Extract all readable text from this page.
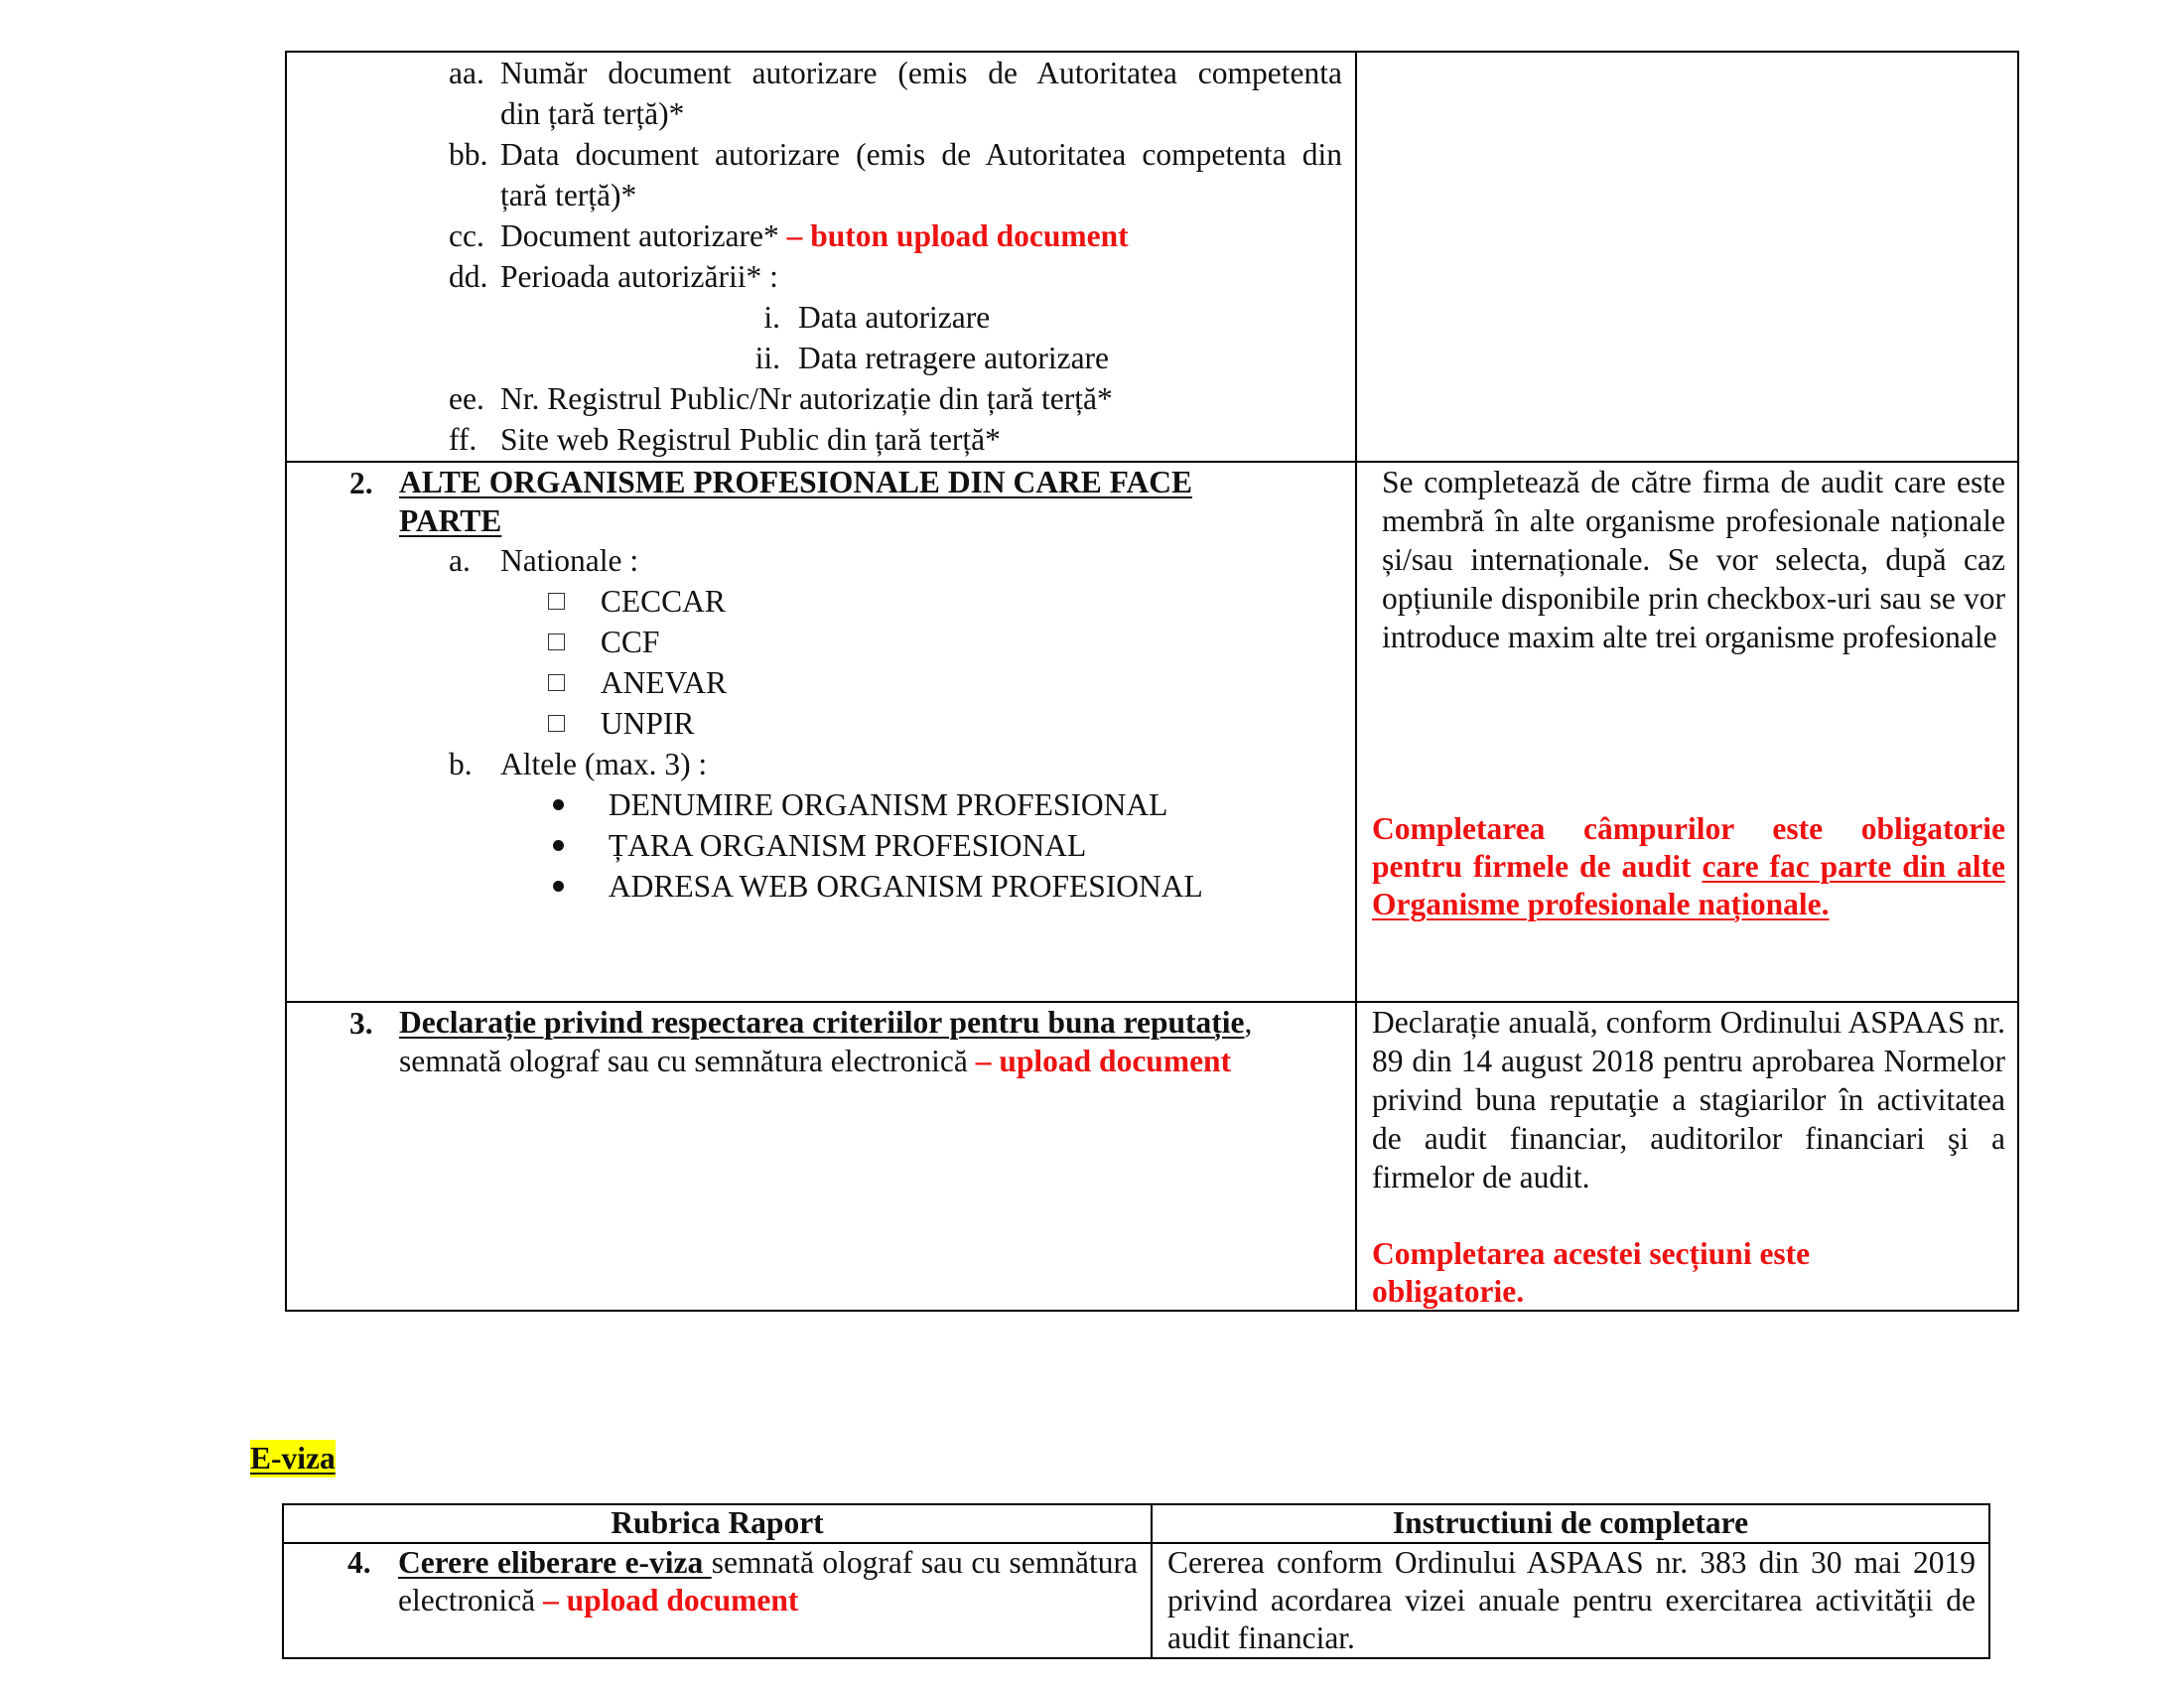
aa. Număr document autorizare (emis de Autoritatea competenta
din țară terță)*
bb. Data document autorizare (emis de Autoritatea competenta din
țară terță)*
cc. Document autorizare* – buton upload document
dd. Perioada autorizării* :
i. Data autorizare
ii. Data retragere autorizare
ee. Nr. Registrul Public/Nr autorizație din țară terță*
ff. Site web Registrul Public din țară terță*
2. ALTE ORGANISME PROFESIONALE DIN CARE FACE PARTE
a. Nationale :
CECCAR
CCF
ANEVAR
UNPIR
b. Altele (max. 3) :
DENUMIRE ORGANISM PROFESIONAL
ȚARA ORGANISM PROFESIONAL
ADRESA WEB ORGANISM PROFESIONAL
Se completează de către firma de audit care este membră în alte organisme profesionale naționale și/sau internaționale. Se vor selecta, după caz opțiunile disponibile prin checkbox-uri sau se vor introduce maxim alte trei organisme profesionale
Completarea câmpurilor este obligatorie pentru firmele de audit care fac parte din alte Organisme profesionale naționale.
3. Declarație privind respectarea criteriilor pentru buna reputație, semnată olograf sau cu semnătura electronică – upload document
Declarație anuală, conform Ordinului ASPAAS nr. 89 din 14 august 2018 pentru aprobarea Normelor privind buna reputaţie a stagiarilor în activitatea de audit financiar, auditorilor financiari şi a firmelor de audit.
Completarea acestei secțiuni este obligatorie.
E-viza
Rubrica Raport	Instructiuni de completare
4. Cerere eliberare e-viza semnată olograf sau cu semnătura electronică – upload document
Cererea conform Ordinului ASPAAS nr. 383 din 30 mai 2019 privind acordarea vizei anuale pentru exercitarea activităţii de audit financiar.
